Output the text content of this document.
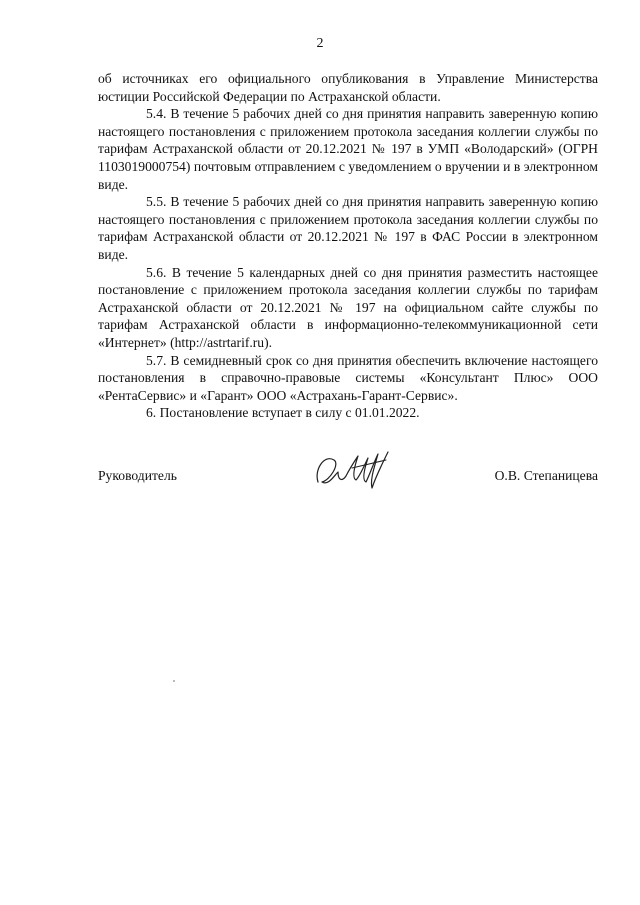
2

об источниках его официального опубликования в Управление Министерства юстиции Российской Федерации по Астраханской области.

5.4. В течение 5 рабочих дней со дня принятия направить заверенную копию настоящего постановления с приложением протокола заседания коллегии службы по тарифам Астраханской области от 20.12.2021 № 197 в УМП «Володарский» (ОГРН 1103019000754) почтовым отправлением с уведомлением о вручении и в электронном виде.

5.5. В течение 5 рабочих дней со дня принятия направить заверенную копию настоящего постановления с приложением протокола заседания коллегии службы по тарифам Астраханской области от 20.12.2021 № 197 в ФАС России в электронном виде.

5.6. В течение 5 календарных дней со дня принятия разместить настоящее постановление с приложением протокола заседания коллегии службы по тарифам Астраханской области от 20.12.2021 № 197 на официальном сайте службы по тарифам Астраханской области в информационно-телекоммуникационной сети «Интернет» (http://astrtarif.ru).

5.7. В семидневный срок со дня принятия обеспечить включение настоящего постановления в справочно-правовые системы «Консультант Плюс» ООО «РентаСервис» и «Гарант» ООО «Астрахань-Гарант-Сервис».

6. Постановление вступает в силу с 01.01.2022.

Руководитель	О.В. Степаницева
